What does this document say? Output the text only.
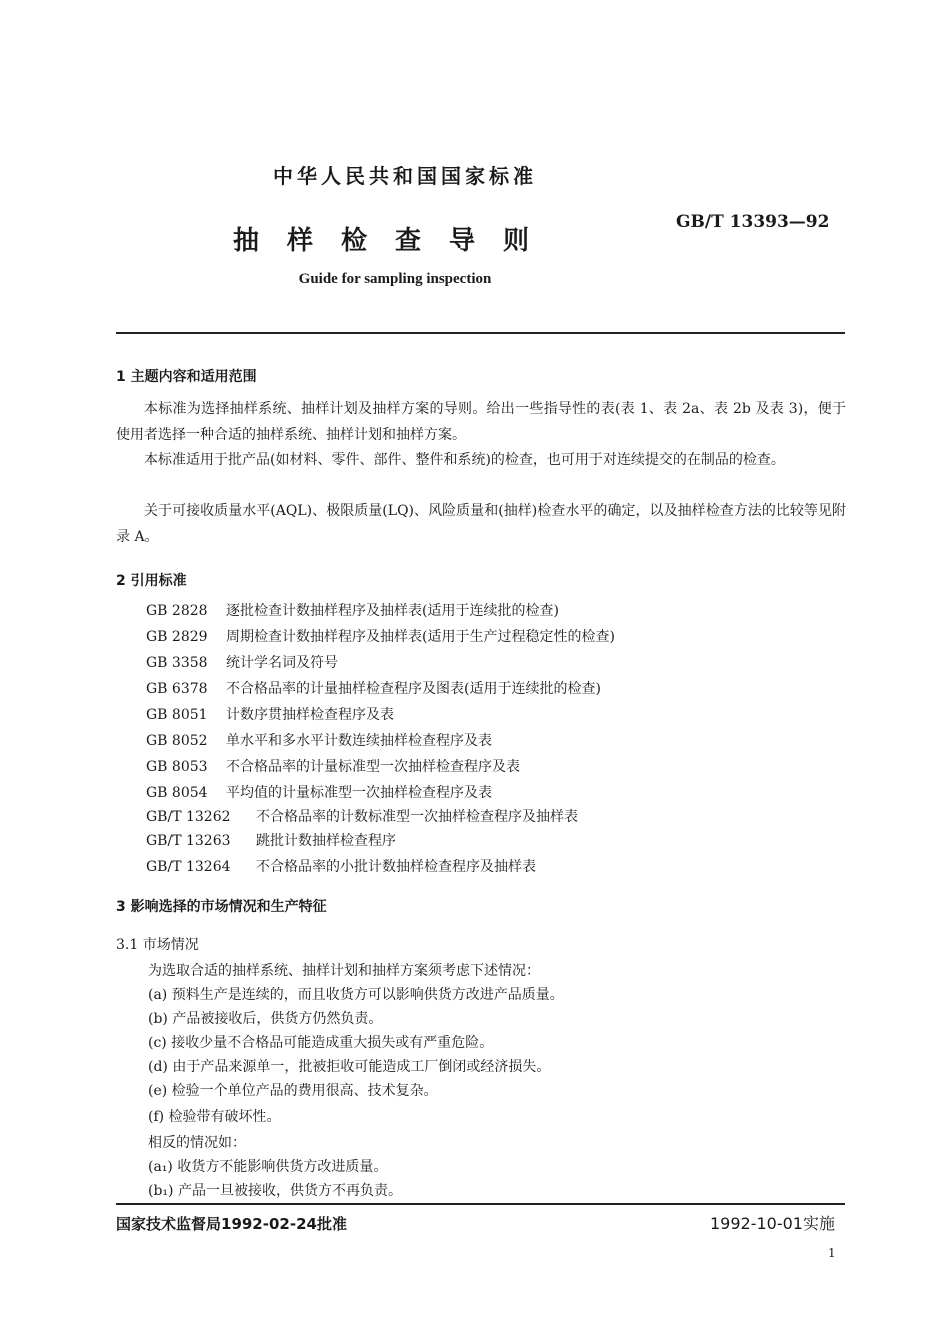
中华人民共和国国家标准
抽样检查导则
GB/T 13393—92
Guide for sampling inspection
1 主题内容和适用范围

本标准为选择抽样系统、抽样计划及抽样方案的导则。给出一些指导性的表(表 1、表 2a、表 2b 及表 3)，便于使用者选择一种合适的抽样系统、抽样计划和抽样方案。

本标准适用于批产品(如材料、零件、部件、整件和系统)的检查，也可用于对连续提交的在制品的检查。

关于可接收质量水平(AQL)、极限质量(LQ)、风险质量和(抽样)检查水平的确定，以及抽样检查方法的比较等见附录 A。

2 引用标准
GB 2828 逐批检查计数抽样程序及抽样表(适用于连续批的检查)
GB 2829 周期检查计数抽样程序及抽样表(适用于生产过程稳定性的检查)
GB 3358 统计学名词及符号
GB 6378 不合格品率的计量抽样检查程序及图表(适用于连续批的检查)
GB 8051 计数序贯抽样检查程序及表
GB 8052 单水平和多水平计数连续抽样检查程序及表
GB 8053 不合格品率的计量标准型一次抽样检查程序及表
GB 8054 平均值的计量标准型一次抽样检查程序及表
GB/T 13262 不合格品率的计数标准型一次抽样检查程序及抽样表
GB/T 13263 跳批计数抽样检查程序
GB/T 13264 不合格品率的小批计数抽样检查程序及抽样表
3 影响选择的市场情况和生产特征
3.1 市场情况
为选取合适的抽样系统、抽样计划和抽样方案须考虑下述情况：
(a) 预料生产是连续的，而且收货方可以影响供货方改进产品质量。
(b) 产品被接收后，供货方仍然负责。
(c) 接收少量不合格品可能造成重大损失或有严重危险。
(d) 由于产品来源单一，批被拒收可能造成工厂倒闭或经济损失。
(e) 检验一个单位产品的费用很高、技术复杂。
(f) 检验带有破坏性。
相反的情况如：
(a₁) 收货方不能影响供货方改进质量。
(b₁) 产品一旦被接收，供货方不再负责。
国家技术监督局1992-02-24批准	1992-10-01实施
1
